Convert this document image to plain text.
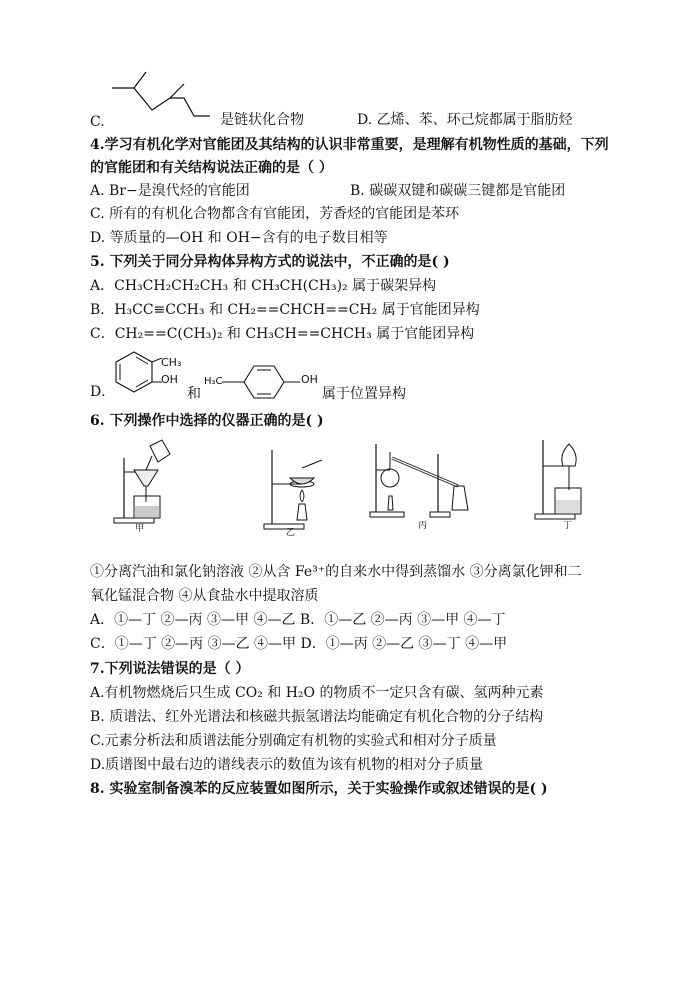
C.	是链状化合物	D. 乙烯、苯、环己烷都属于脂肪烃
4.学习有机化学对官能团及其结构的认识非常重要，是理解有机物性质的基础，下列
的官能团和有关结构说法正确的是（ ）
A. Br−是溴代烃的官能团	B. 碳碳双键和碳碳三键都是官能团
C. 所有的有机化合物都含有官能团，芳香烃的官能团是苯环
D. 等质量的—OH 和 OH−含有的电子数目相等
5. 下列关于同分异构体异构方式的说法中，不正确的是( )
A．CH₃CH₂CH₂CH₃ 和 CH₃CH(CH₃)₂ 属于碳架异构
B．H₃CC≡CCH₃ 和 CH₂==CHCH==CH₂ 属于官能团异构
C．CH₂==C(CH₃)₂ 和 CH₃CH==CHCH₃ 属于官能团异构
D．
CH₃
OH
和
H₃C	OH
属于位置异构
6. 下列操作中选择的仪器正确的是( )
甲	乙
丙	丁
①分离汽油和氯化钠溶液 ②从含 Fe³⁺的自来水中得到蒸馏水 ③分离氯化钾和二
氧化锰混合物 ④从食盐水中提取溶质
A．①—丁 ②—丙 ③—甲 ④—乙 B．①—乙 ②—丙 ③—甲 ④—丁
C．①—丁 ②—丙 ③—乙 ④—甲 D．①—丙 ②—乙 ③—丁 ④—甲
7.下列说法错误的是（ ）
A.有机物燃烧后只生成 CO₂ 和 H₂O 的物质不一定只含有碳、氢两种元素
B. 质谱法、红外光谱法和核磁共振氢谱法均能确定有机化合物的分子结构
C.元素分析法和质谱法能分别确定有机物的实验式和相对分子质量
D.质谱图中最右边的谱线表示的数值为该有机物的相对分子质量
8. 实验室制备溴苯的反应装置如图所示，关于实验操作或叙述错误的是( )
